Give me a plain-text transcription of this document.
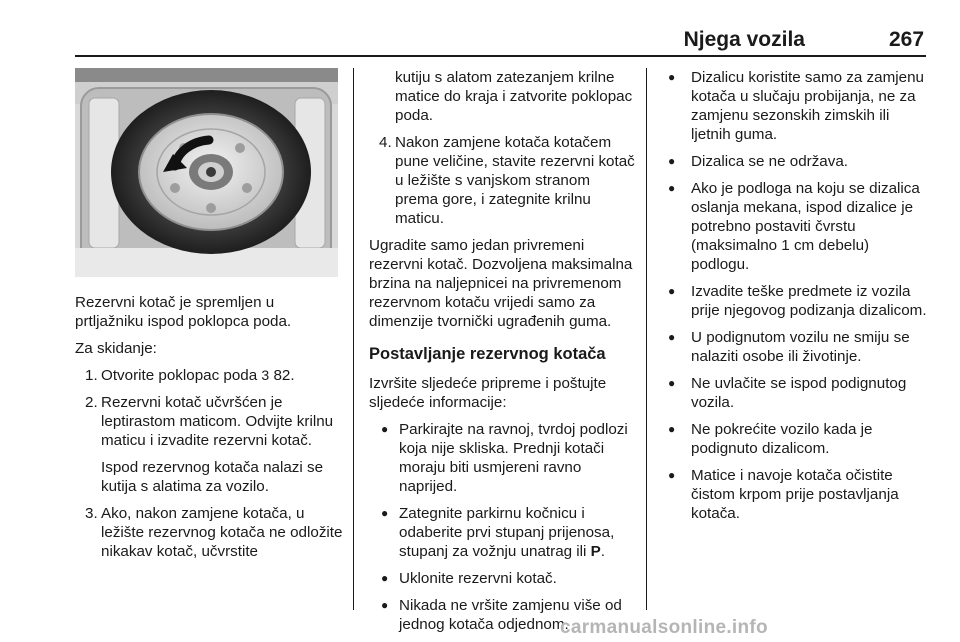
Njega vozila	267

Rezervni kotač je spremljen u prtljažniku ispod poklopca poda.

Za skidanje:

1. Otvorite poklopac poda 3 82.
2. Rezervni kotač učvršćen je leptirastom maticom. Odvijte krilnu maticu i izvadite rezervni kotač.
Ispod rezervnog kotača nalazi se kutija s alatima za vozilo.
3. Ako, nakon zamjene kotača, u ležište rezervnog kotača ne odložite nikakav kotač, učvrstite
kutiju s alatom zatezanjem krilne matice do kraja i zatvorite poklopac poda.
4. Nakon zamjene kotača kotačem pune veličine, stavite rezervni kotač u ležište s vanjskom stranom prema gore, i zategnite krilnu maticu.

Ugradite samo jedan privremeni rezervni kotač. Dozvoljena maksimalna brzina na naljepnicei na privremenom rezervnom kotaču vrijedi samo za dimenzije tvornički ugrađenih guma.

Postavljanje rezervnog kotača

Izvršite sljedeće pripreme i poštujte sljedeće informacije:

● Parkirajte na ravnoj, tvrdoj podlozi koja nije skliska. Prednji kotači moraju biti usmjereni ravno naprijed.
● Zategnite parkirnu kočnicu i odaberite prvi stupanj prijenosa, stupanj za vožnju unatrag ili P.
● Uklonite rezervni kotač.
● Nikada ne vršite zamjenu više od jednog kotača odjednom.
● Dizalicu koristite samo za zamjenu kotača u slučaju probijanja, ne za zamjenu sezonskih zimskih ili ljetnih guma.
● Dizalica se ne održava.
● Ako je podloga na koju se dizalica oslanja mekana, ispod dizalice je potrebno postaviti čvrstu (maksimalno 1 cm debelu) podlogu.
● Izvadite teške predmete iz vozila prije njegovog podizanja dizalicom.
● U podignutom vozilu ne smiju se nalaziti osobe ili životinje.
● Ne uvlačite se ispod podignutog vozila.
● Ne pokrećite vozilo kada je podignuto dizalicom.
● Matice i navoje kotača očistite čistom krpom prije postavljanja kotača.
carmanualsonline.info
